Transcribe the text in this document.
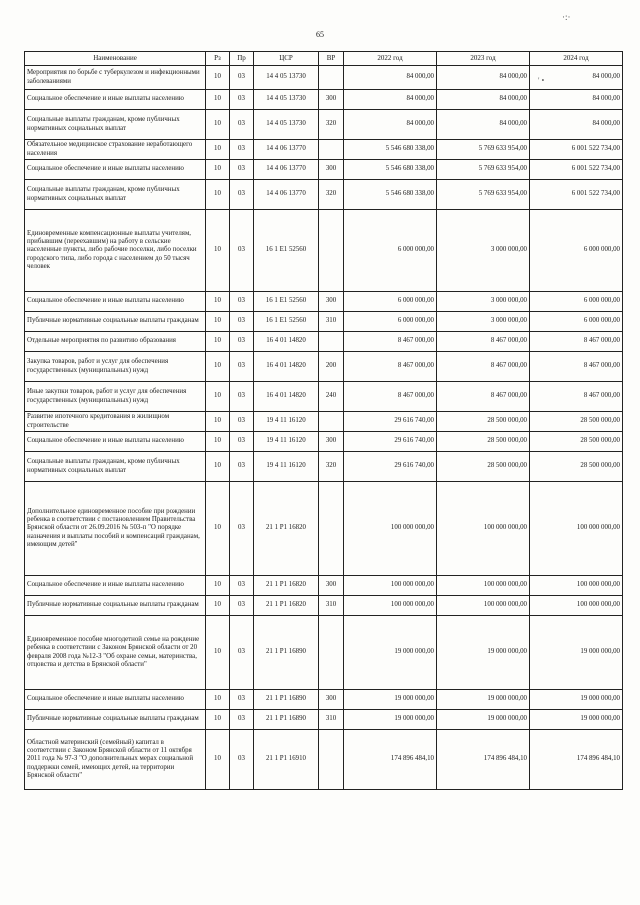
·:·
65
' •
Наименование	Рз	Пр	ЦСР	ВР	2022 год	2023 год	2024 год
Мероприятия по борьбе с туберкулезом и инфекционными заболеваниями	10	03	14 4 05 13730		84 000,00	84 000,00	84 000,00
Социальное обеспечение и иные выплаты населению	10	03	14 4 05 13730	300	84 000,00	84 000,00	84 000,00
Социальные выплаты гражданам, кроме публичных нормативных социальных выплат	10	03	14 4 05 13730	320	84 000,00	84 000,00	84 000,00
Обязательное медицинское страхование неработающего населения	10	03	14 4 06 13770		5 546 680 338,00	5 769 633 954,00	6 001 522 734,00
Социальное обеспечение и иные выплаты населению	10	03	14 4 06 13770	300	5 546 680 338,00	5 769 633 954,00	6 001 522 734,00
Социальные выплаты гражданам, кроме публичных нормативных социальных выплат	10	03	14 4 06 13770	320	5 546 680 338,00	5 769 633 954,00	6 001 522 734,00
Единовременные компенсационные выплаты учителям, прибывшим (переехавшим) на работу в сельские населенные пункты, либо рабочие поселки, либо поселки городского типа, либо города с населением до 50 тысяч человек	10	03	16 1 E1 52560		6 000 000,00	3 000 000,00	6 000 000,00
Социальное обеспечение и иные выплаты населению	10	03	16 1 E1 52560	300	6 000 000,00	3 000 000,00	6 000 000,00
Публичные нормативные социальные выплаты гражданам	10	03	16 1 E1 52560	310	6 000 000,00	3 000 000,00	6 000 000,00
Отдельные мероприятия по развитию образования	10	03	16 4 01 14820		8 467 000,00	8 467 000,00	8 467 000,00
Закупка товаров, работ и услуг для обеспечения государственных (муниципальных) нужд	10	03	16 4 01 14820	200	8 467 000,00	8 467 000,00	8 467 000,00
Иные закупки товаров, работ и услуг для обеспечения государственных (муниципальных) нужд	10	03	16 4 01 14820	240	8 467 000,00	8 467 000,00	8 467 000,00
Развитие ипотечного кредитования в жилищном строительстве	10	03	19 4 11 16120		29 616 740,00	28 500 000,00	28 500 000,00
Социальное обеспечение и иные выплаты населению	10	03	19 4 11 16120	300	29 616 740,00	28 500 000,00	28 500 000,00
Социальные выплаты гражданам, кроме публичных нормативных социальных выплат	10	03	19 4 11 16120	320	29 616 740,00	28 500 000,00	28 500 000,00
Дополнительное единовременное пособие при рождении ребенка в соответствии с постановлением Правительства Брянской области от 26.09.2016 № 503-п "О порядке назначения и выплаты пособий и компенсаций гражданам, имеющим детей"	10	03	21 1 P1 16820		100 000 000,00	100 000 000,00	100 000 000,00
Социальное обеспечение и иные выплаты населению	10	03	21 1 P1 16820	300	100 000 000,00	100 000 000,00	100 000 000,00
Публичные нормативные социальные выплаты гражданам	10	03	21 1 P1 16820	310	100 000 000,00	100 000 000,00	100 000 000,00
Единовременное пособие многодетной семье на рождение ребенка в соответствии с Законом Брянской области от 20 февраля 2008 года №12-З "Об охране семьи, материнства, отцовства и детства в Брянской области"	10	03	21 1 P1 16890		19 000 000,00	19 000 000,00	19 000 000,00
Социальное обеспечение и иные выплаты населению	10	03	21 1 P1 16890	300	19 000 000,00	19 000 000,00	19 000 000,00
Публичные нормативные социальные выплаты гражданам	10	03	21 1 P1 16890	310	19 000 000,00	19 000 000,00	19 000 000,00
Областной материнский (семейный) капитал в соответствии с Законом Брянской области от 11 октября 2011 года № 97-З "О дополнительных мерах социальной поддержки семей, имеющих детей, на территории Брянской области"	10	03	21 1 P1 16910		174 896 484,10	174 896 484,10	174 896 484,10
